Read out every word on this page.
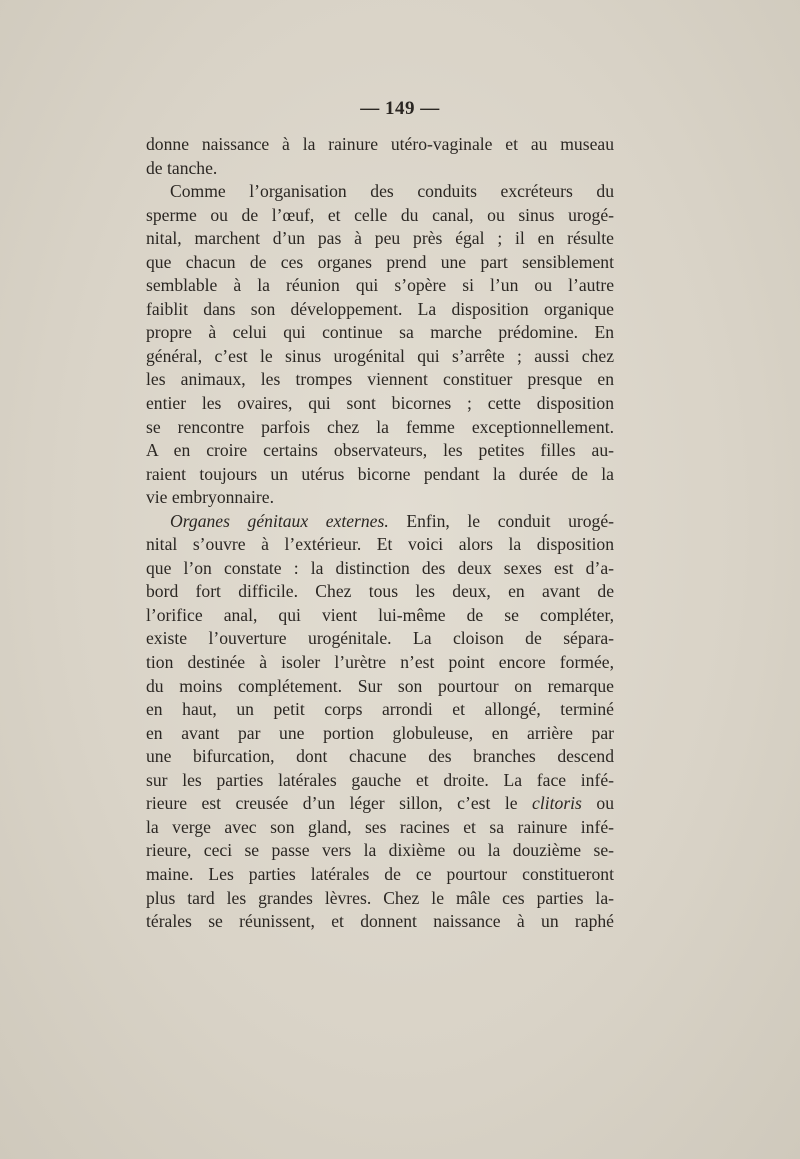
— 149 —
donne naissance à la rainure utéro-vaginale et au museau
de tanche.
Comme l’organisation des conduits excréteurs du
sperme ou de l’œuf, et celle du canal, ou sinus urogé-
nital, marchent d’un pas à peu près égal ; il en résulte
que chacun de ces organes prend une part sensiblement
semblable à la réunion qui s’opère si l’un ou l’autre
faiblit dans son développement. La disposition organique
propre à celui qui continue sa marche prédomine. En
général, c’est le sinus urogénital qui s’arrête ; aussi chez
les animaux, les trompes viennent constituer presque en
entier les ovaires, qui sont bicornes ; cette disposition
se rencontre parfois chez la femme exceptionnellement.
A en croire certains observateurs, les petites filles au-
raient toujours un utérus bicorne pendant la durée de la
vie embryonnaire.
Organes génitaux externes. Enfin, le conduit urogé-
nital s’ouvre à l’extérieur. Et voici alors la disposition
que l’on constate : la distinction des deux sexes est d’a-
bord fort difficile. Chez tous les deux, en avant de
l’orifice anal, qui vient lui-même de se compléter,
existe l’ouverture urogénitale. La cloison de sépara-
tion destinée à isoler l’urètre n’est point encore formée,
du moins complétement. Sur son pourtour on remarque
en haut, un petit corps arrondi et allongé, terminé
en avant par une portion globuleuse, en arrière par
une bifurcation, dont chacune des branches descend
sur les parties latérales gauche et droite. La face infé-
rieure est creusée d’un léger sillon, c’est le clitoris ou
la verge avec son gland, ses racines et sa rainure infé-
rieure, ceci se passe vers la dixième ou la douzième se-
maine. Les parties latérales de ce pourtour constitueront
plus tard les grandes lèvres. Chez le mâle ces parties la-
térales se réunissent, et donnent naissance à un raphé
